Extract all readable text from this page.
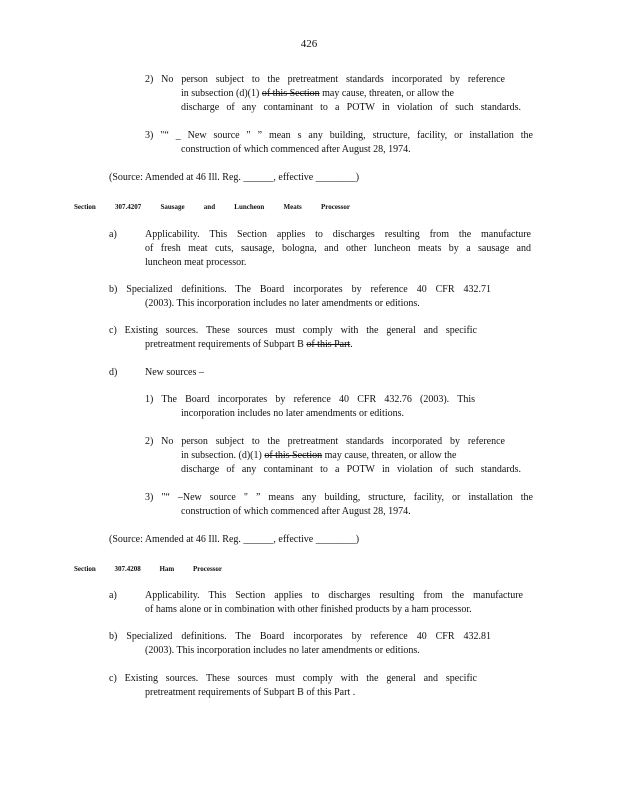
426
2) No person subject to the pretreatment standards incorporated by reference
in subsection (d)(1) of this Section may cause, threaten, or allow the
discharge of any contaminant to a POTW in violation of such standards.
3) "“ _ New source " ” mean s any building, structure, facility, or installation the
construction of which commenced after August 28, 1974.
(Source: Amended at 46 Ill. Reg. ______, effective ________)
Section 307.4207 Sausage and Luncheon Meats Processor
a)	Applicability. This Section applies to discharges resulting from the manufacture
of fresh meat cuts, sausage, bologna, and other luncheon meats by a sausage and
luncheon meat processor.
b) Specialized definitions. The Board incorporates by reference 40 CFR 432.71
(2003). This incorporation includes no later amendments or editions.
c) Existing sources. These sources must comply with the general and specific
pretreatment requirements of Subpart B of this Part.
d)	New sources –
1) The Board incorporates by reference 40 CFR 432.76 (2003). This
incorporation includes no later amendments or editions.
2) No person subject to the pretreatment standards incorporated by reference
in subsection. (d)(1) of this Section may cause, threaten, or allow the
discharge of any contaminant to a POTW in violation of such standards.
3) "“ –New source " ” means any building, structure, facility, or installation the
construction of which commenced after August 28, 1974.
(Source: Amended at 46 Ill. Reg. ______, effective ________)
Section 307.4208 Ham Processor
a)	Applicability. This Section applies to discharges resulting from the manufacture
of hams alone or in combination with other finished products by a ham processor.
b) Specialized definitions. The Board incorporates by reference 40 CFR 432.81
(2003). This incorporation includes no later amendments or editions.
c) Existing sources. These sources must comply with the general and specific
pretreatment requirements of Subpart B of this Part .
